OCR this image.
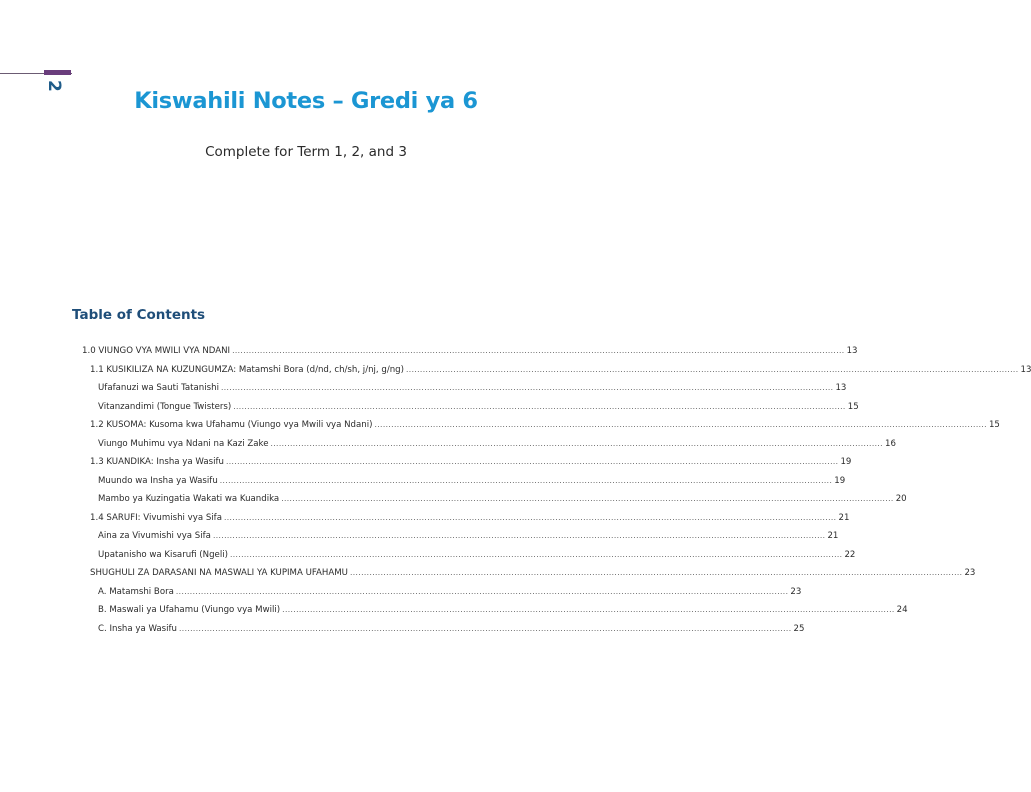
2
Kiswahili Notes – Gredi ya 6
Complete for Term 1, 2, and 3
Table of Contents
1.0 VIUNGO VYA MWILI VYA NDANI ............................................................................................................................................................................................................................ 13
1.1 KUSIKILIZA NA KUZUNGUMZA: Matamshi Bora (d/nd, ch/sh, j/nj, g/ng) ............................................................................................................................................................................................................................ 13
Ufafanuzi wa Sauti Tatanishi ............................................................................................................................................................................................................................ 13
Vitanzandimi (Tongue Twisters) ............................................................................................................................................................................................................................ 15
1.2 KUSOMA: Kusoma kwa Ufahamu (Viungo vya Mwili vya Ndani) ............................................................................................................................................................................................................................ 15
Viungo Muhimu vya Ndani na Kazi Zake ............................................................................................................................................................................................................................ 16
1.3 KUANDIKA: Insha ya Wasifu ............................................................................................................................................................................................................................ 19
Muundo wa Insha ya Wasifu ............................................................................................................................................................................................................................ 19
Mambo ya Kuzingatia Wakati wa Kuandika ............................................................................................................................................................................................................................ 20
1.4 SARUFI: Vivumishi vya Sifa ............................................................................................................................................................................................................................ 21
Aina za Vivumishi vya Sifa ............................................................................................................................................................................................................................ 21
Upatanisho wa Kisarufi (Ngeli) ............................................................................................................................................................................................................................ 22
SHUGHULI ZA DARASANI NA MASWALI YA KUPIMA UFAHAMU ............................................................................................................................................................................................................................ 23
A. Matamshi Bora ............................................................................................................................................................................................................................ 23
B. Maswali ya Ufahamu (Viungo vya Mwili) ............................................................................................................................................................................................................................ 24
C. Insha ya Wasifu ............................................................................................................................................................................................................................ 25
